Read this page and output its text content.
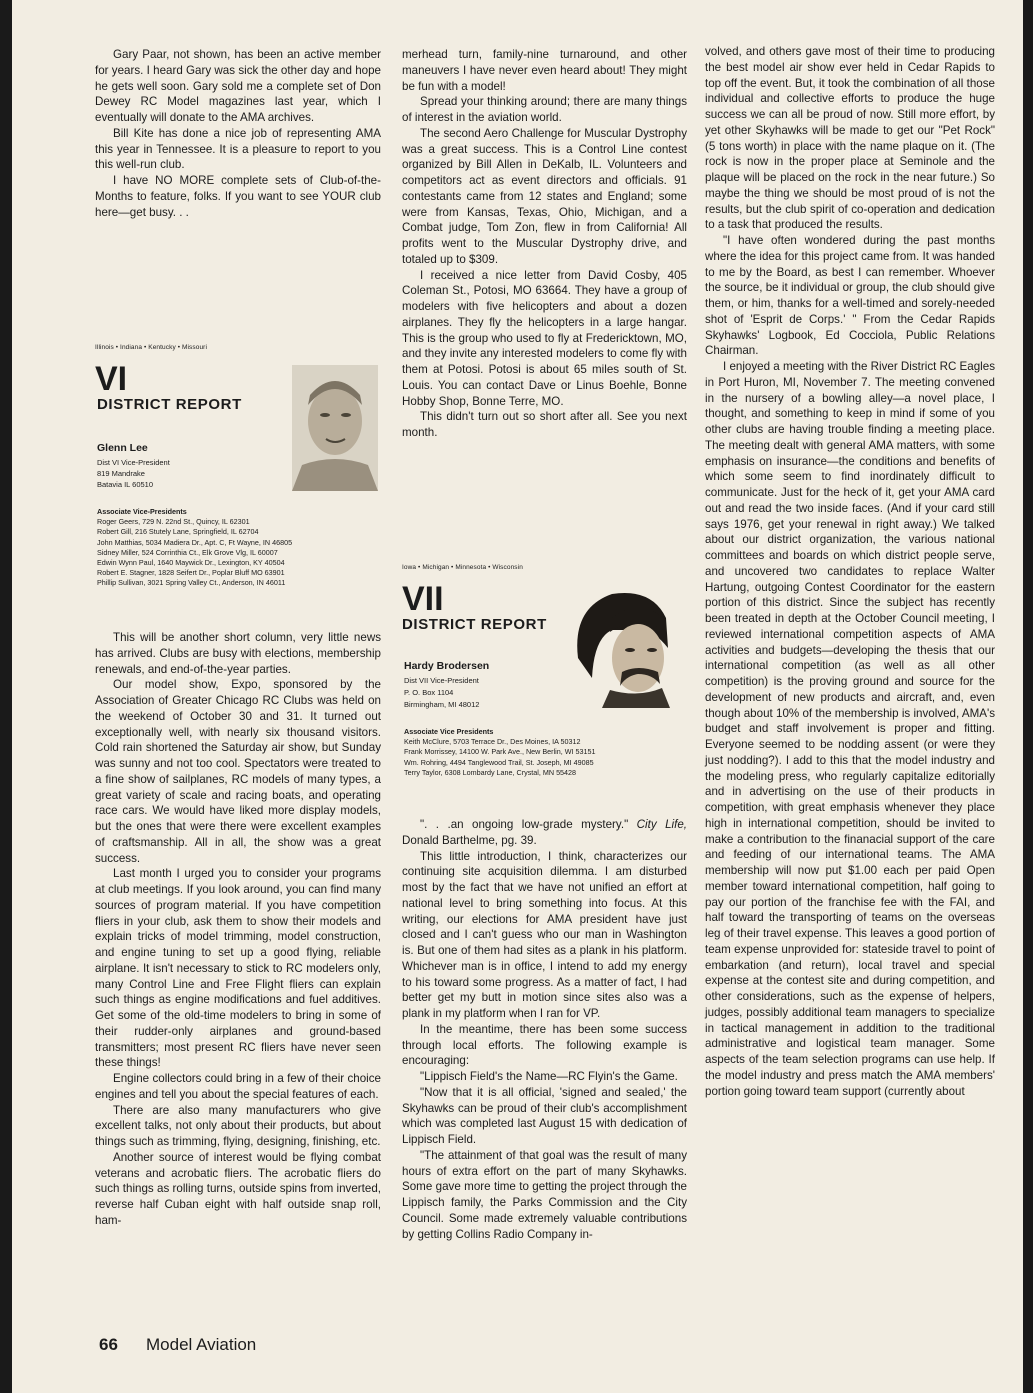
Gary Paar, not shown, has been an active member for years. I heard Gary was sick the other day and hope he gets well soon. Gary sold me a complete set of Don Dewey RC Model magazines last year, which I eventually will donate to the AMA archives.

Bill Kite has done a nice job of representing AMA this year in Tennessee. It is a pleasure to report to you this well-run club.

I have NO MORE complete sets of Club-of-the-Months to feature, folks. If you want to see YOUR club here—get busy. . .

Illinois • Indiana • Kentucky • Missouri
VI
DISTRICT REPORT
Glenn Lee
Dist VI Vice-President
819 Mandrake
Batavia IL 60510
Associate Vice-Presidents
Roger Geers, 729 N. 22nd St., Quincy, IL 62301
Robert Gill, 216 Stutely Lane, Springfield, IL 62704
John Matthias, 5034 Madiera Dr., Apt. C, Ft Wayne, IN 46805
Sidney Miller, 524 Corrinthia Ct., Elk Grove Vlg, IL 60007
Edwin Wynn Paul, 1640 Maywick Dr., Lexington, KY 40504
Robert E. Stagner, 1828 Seifert Dr., Poplar Bluff MO 63901
Phillip Sullivan, 3021 Spring Valley Ct., Anderson, IN 46011

This will be another short column, very little news has arrived. Clubs are busy with elections, membership renewals, and end-of-the-year parties.

Our model show, Expo, sponsored by the Association of Greater Chicago RC Clubs was held on the weekend of October 30 and 31. It turned out exceptionally well, with nearly six thousand visitors. Cold rain shortened the Saturday air show, but Sunday was sunny and not too cool. Spectators were treated to a fine show of sailplanes, RC models of many types, a great variety of scale and racing boats, and operating race cars. We would have liked more display models, but the ones that were there were excellent examples of craftsmanship. All in all, the show was a great success.

Last month I urged you to consider your programs at club meetings. If you look around, you can find many sources of program material. If you have competition fliers in your club, ask them to show their models and explain tricks of model trimming, model construction, and engine tuning to set up a good flying, reliable airplane. It isn't necessary to stick to RC modelers only, many Control Line and Free Flight fliers can explain such things as engine modifications and fuel additives. Get some of the old-time modelers to bring in some of their rudder-only airplanes and ground-based transmitters; most present RC fliers have never seen these things!

Engine collectors could bring in a few of their choice engines and tell you about the special features of each.

There are also many manufacturers who give excellent talks, not only about their products, but about things such as trimming, flying, designing, finishing, etc.

Another source of interest would be flying combat veterans and acrobatic fliers. The acrobatic fliers do such things as rolling turns, outside spins from inverted, reverse half Cuban eight with half outside snap roll, ham-

merhead turn, family-nine turnaround, and other maneuvers I have never even heard about! They might be fun with a model!

Spread your thinking around; there are many things of interest in the aviation world.

The second Aero Challenge for Muscular Dystrophy was a great success. This is a Control Line contest organized by Bill Allen in DeKalb, IL. Volunteers and competitors act as event directors and officials. 91 contestants came from 12 states and England; some were from Kansas, Texas, Ohio, Michigan, and a Combat judge, Tom Zon, flew in from California! All profits went to the Muscular Dystrophy drive, and totaled up to $309.

I received a nice letter from David Cosby, 405 Coleman St., Potosi, MO 63664. They have a group of modelers with five helicopters and about a dozen airplanes. They fly the helicopters in a large hangar. This is the group who used to fly at Fredericktown, MO, and they invite any interested modelers to come fly with them at Potosi. Potosi is about 65 miles south of St. Louis. You can contact Dave or Linus Boehle, Bonne Hobby Shop, Bonne Terre, MO.

This didn't turn out so short after all. See you next month.

Iowa • Michigan • Minnesota • Wisconsin
VII
DISTRICT REPORT
Hardy Brodersen
Dist VII Vice-President
P. O. Box 1104
Birmingham, MI 48012
Associate Vice Presidents
Keith McClure, 5703 Terrace Dr., Des Moines, IA 50312
Frank Morrissey, 14100 W. Park Ave., New Berlin, WI 53151
Wm. Rohring, 4494 Tanglewood Trail, St. Joseph, MI 49085
Terry Taylor, 6308 Lombardy Lane, Crystal, MN 55428

". . .an ongoing low-grade mystery." City Life, Donald Barthelme, pg. 39.

This little introduction, I think, characterizes our continuing site acquisition dilemma. I am disturbed most by the fact that we have not unified an effort at national level to bring something into focus. At this writing, our elections for AMA president have just closed and I can't guess who our man in Washington is. But one of them had sites as a plank in his platform. Whichever man is in office, I intend to add my energy to his toward some progress. As a matter of fact, I had better get my butt in motion since sites also was a plank in my platform when I ran for VP.

In the meantime, there has been some success through local efforts. The following example is encouraging:

"Lippisch Field's the Name—RC Flyin's the Game.

"Now that it is all official, 'signed and sealed,' the Skyhawks can be proud of their club's accomplishment which was completed last August 15 with dedication of Lippisch Field.

"The attainment of that goal was the result of many hours of extra effort on the part of many Skyhawks. Some gave more time to getting the project through the Lippisch family, the Parks Commission and the City Council. Some made extremely valuable contributions by getting Collins Radio Company in-

volved, and others gave most of their time to producing the best model air show ever held in Cedar Rapids to top off the event. But, it took the combination of all those individual and collective efforts to produce the huge success we can all be proud of now. Still more effort, by yet other Skyhawks will be made to get our "Pet Rock" (5 tons worth) in place with the name plaque on it. (The rock is now in the proper place at Seminole and the plaque will be placed on the rock in the near future.) So maybe the thing we should be most proud of is not the results, but the club spirit of co-operation and dedication to a task that produced the results.

"I have often wondered during the past months where the idea for this project came from. It was handed to me by the Board, as best I can remember. Whoever the source, be it individual or group, the club should give them, or him, thanks for a well-timed and sorely-needed shot of 'Esprit de Corps.' " From the Cedar Rapids Skyhawks' Logbook, Ed Cocciola, Public Relations Chairman.

I enjoyed a meeting with the River District RC Eagles in Port Huron, MI, November 7. The meeting convened in the nursery of a bowling alley—a novel place, I thought, and something to keep in mind if some of you other clubs are having trouble finding a meeting place. The meeting dealt with general AMA matters, with some emphasis on insurance—the conditions and benefits of which some seem to find inordinately difficult to communicate. Just for the heck of it, get your AMA card out and read the two inside faces. (And if your card still says 1976, get your renewal in right away.) We talked about our district organization, the various national committees and boards on which district people serve, and uncovered two candidates to replace Walter Hartung, outgoing Contest Coordinator for the eastern portion of this district. Since the subject has recently been treated in depth at the October Council meeting, I reviewed international competition aspects of AMA activities and budgets—developing the thesis that our international competition (as well as all other competition) is the proving ground and source for the development of new products and aircraft, and, even though about 10% of the membership is involved, AMA's budget and staff involvement is proper and fitting. Everyone seemed to be nodding assent (or were they just nodding?). I add to this that the model industry and the modeling press, who regularly capitalize editorially and in advertising on the use of their products in competition, with great emphasis whenever they place high in international competition, should be invited to make a contribution to the finanacial support of the care and feeding of our international teams. The AMA membership will now put $1.00 each per paid Open member toward international competition, half going to pay our portion of the franchise fee with the FAI, and half toward the transporting of teams on the overseas leg of their travel expense. This leaves a good portion of team expense unprovided for: stateside travel to point of embarkation (and return), local travel and special expense at the contest site and during competition, and other considerations, such as the expense of helpers, judges, possibly additional team managers to specialize in tactical management in addition to the traditional administrative and logistical team manager. Some aspects of the team selection programs can use help. If the model industry and press match the AMA members' portion going toward team support (currently about

66 Model Aviation
